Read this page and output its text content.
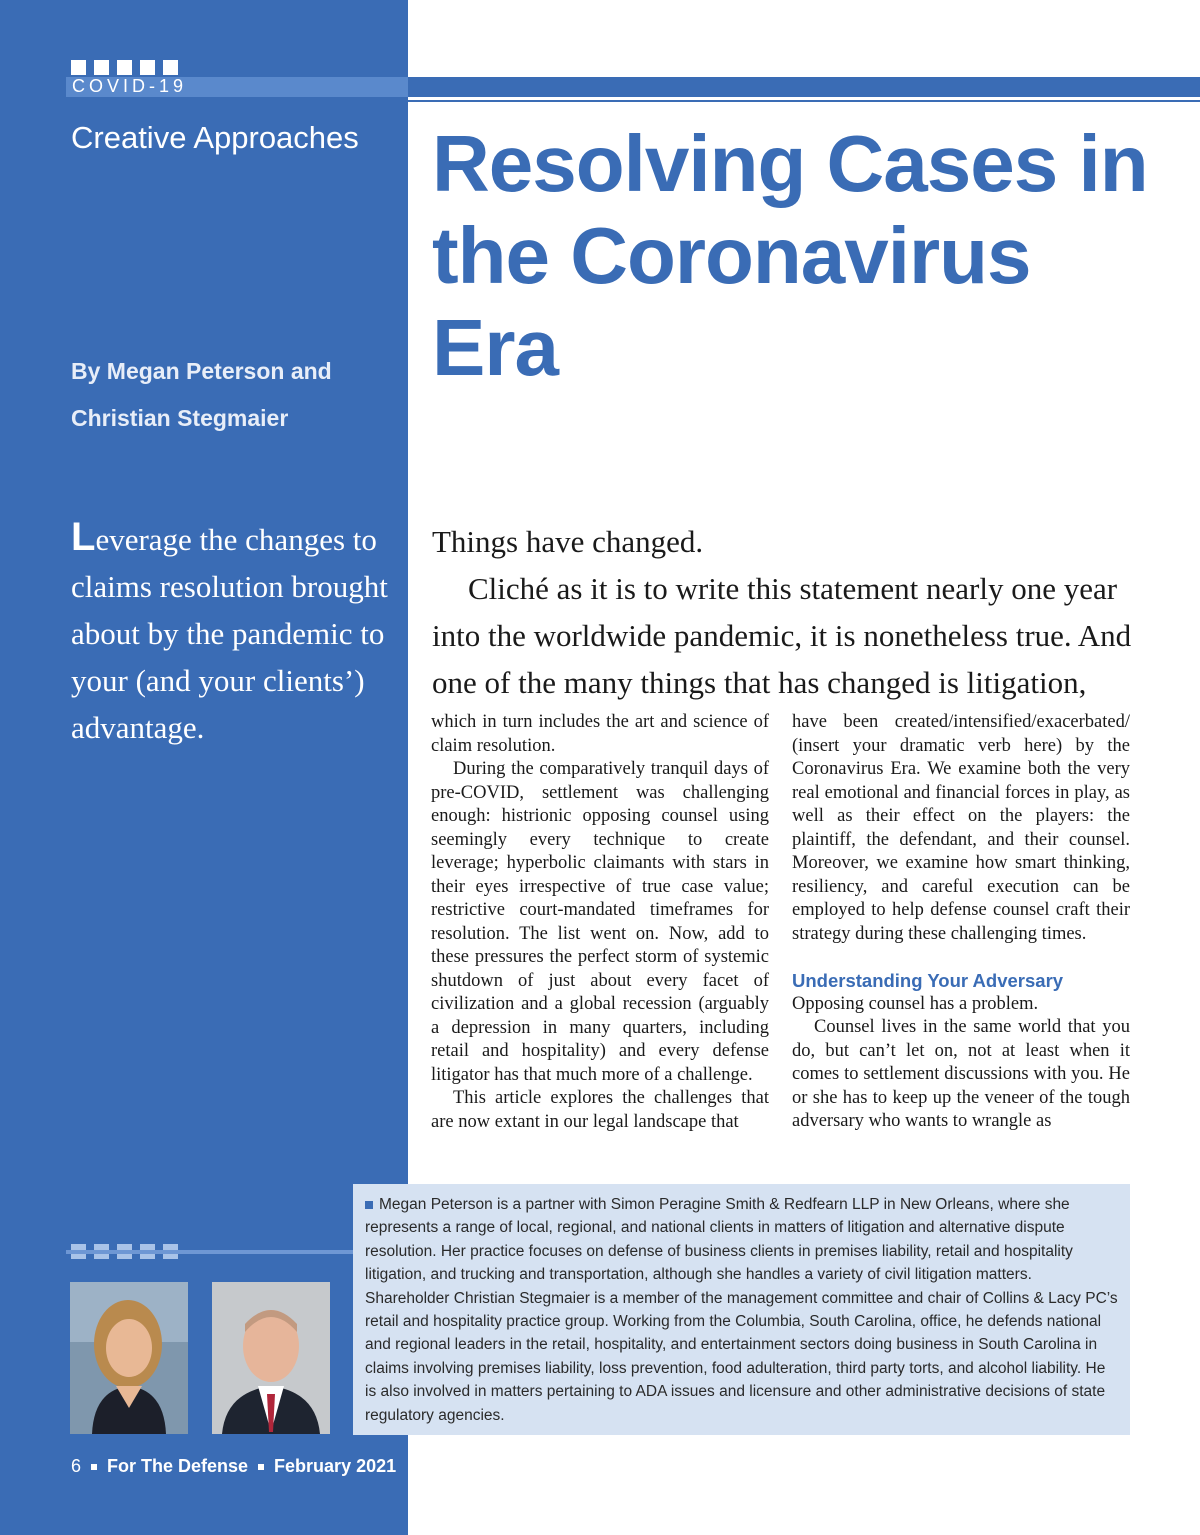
COVID-19
Creative Approaches Resolving Cases in the Coronavirus Era
By Megan Peterson and
Christian Stegmaier
Leverage the changes to claims resolution brought about by the pandemic to your (and your clients’) advantage.

Things have changed.

Cliché as it is to write this statement nearly one year into the worldwide pandemic, it is nonetheless true. And one of the many things that has changed is litigation,

which in turn includes the art and science of claim resolution.

During the comparatively tranquil days of pre-COVID, settlement was challenging enough: histrionic opposing counsel using seemingly every technique to create leverage; hyperbolic claimants with stars in their eyes irrespective of true case value; restrictive court-mandated timeframes for resolution. The list went on. Now, add to these pressures the perfect storm of systemic shutdown of just about every facet of civilization and a global recession (arguably a depression in many quarters, including retail and hospitality) and every defense litigator has that much more of a challenge.

This article explores the challenges that are now extant in our legal landscape that

have been created/intensified/exacerbated/ (insert your dramatic verb here) by the Coronavirus Era. We examine both the very real emotional and financial forces in play, as well as their effect on the players: the plaintiff, the defendant, and their counsel. Moreover, we examine how smart thinking, resiliency, and careful execution can be employed to help defense counsel craft their strategy during these challenging times.

Understanding Your Adversary

Opposing counsel has a problem.

Counsel lives in the same world that you do, but can’t let on, not at least when it comes to settlement discussions with you. He or she has to keep up the veneer of the tough adversary who wants to wrangle as

Megan Peterson is a partner with Simon Peragine Smith & Redfearn LLP in New Orleans, where she represents a range of local, regional, and national clients in matters of litigation and alternative dispute resolution. Her practice focuses on defense of business clients in premises liability, retail and hospitality litigation, and trucking and transportation, although she handles a variety of civil litigation matters. Shareholder Christian Stegmaier is a member of the management committee and chair of Collins & Lacy PC’s retail and hospitality practice group. Working from the Columbia, South Carolina, office, he defends national and regional leaders in the retail, hospitality, and entertainment sectors doing business in South Carolina in claims involving premises liability, loss prevention, food adulteration, third party torts, and alcohol liability. He is also involved in matters pertaining to ADA issues and licensure and other administrative decisions of state regulatory agencies.

6 For The Defense February 2021
